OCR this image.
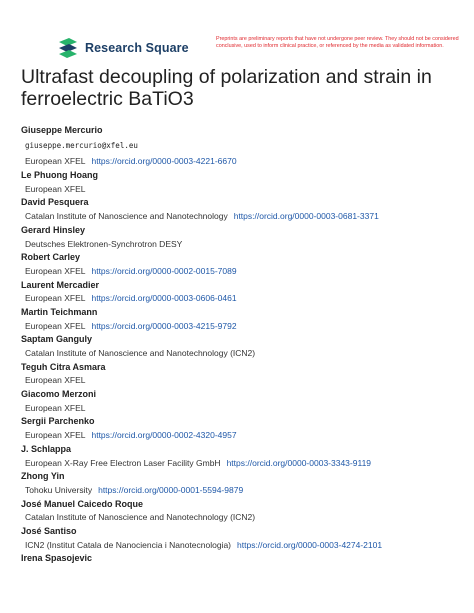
Research Square
Preprints are preliminary reports that have not undergone peer review. They should not be considered conclusive, used to inform clinical practice, or referenced by the media as validated information.
Ultrafast decoupling of polarization and strain in ferroelectric BaTiO3
Giuseppe Mercurio
giuseppe.mercurio@xfel.eu
European XFEL https://orcid.org/0000-0003-4221-6670
Le Phuong Hoang
European XFEL
David Pesquera
Catalan Institute of Nanoscience and Nanotechnology https://orcid.org/0000-0003-0681-3371
Gerard Hinsley
Deutsches Elektronen-Synchrotron DESY
Robert Carley
European XFEL https://orcid.org/0000-0002-0015-7089
Laurent Mercadier
European XFEL https://orcid.org/0000-0003-0606-0461
Martin Teichmann
European XFEL https://orcid.org/0000-0003-4215-9792
Saptam Ganguly
Catalan Institute of Nanoscience and Nanotechnology (ICN2)
Teguh Citra Asmara
European XFEL
Giacomo Merzoni
European XFEL
Sergii Parchenko
European XFEL https://orcid.org/0000-0002-4320-4957
J. Schlappa
European X-Ray Free Electron Laser Facility GmbH https://orcid.org/0000-0003-3343-9119
Zhong Yin
Tohoku University https://orcid.org/0000-0001-5594-9879
José Manuel Caicedo Roque
Catalan Institute of Nanoscience and Nanotechnology (ICN2)
José Santiso
ICN2 (Institut Catala de Nanociencia i Nanotecnologia) https://orcid.org/0000-0003-4274-2101
Irena Spasojevic
